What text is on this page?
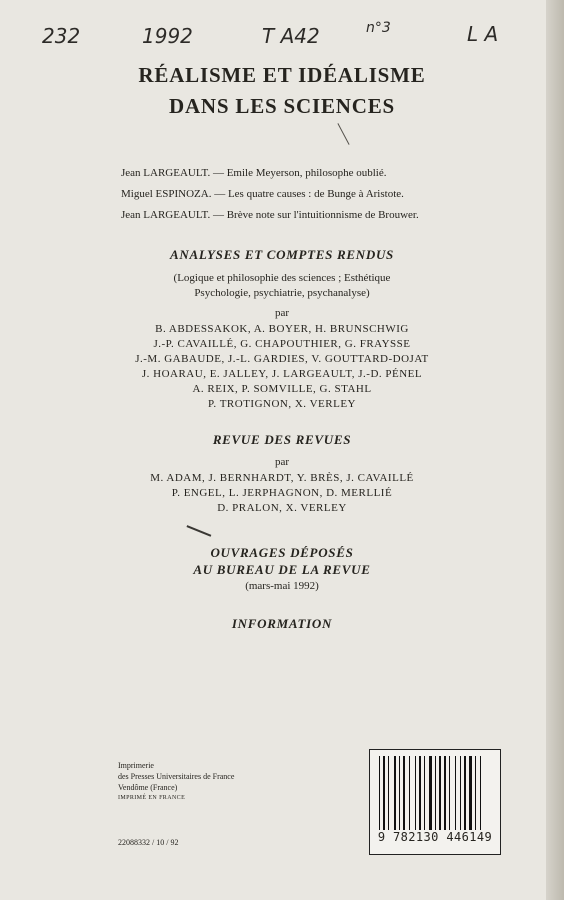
232	1992	T A42	n°3	L A
RÉALISME ET IDÉALISME
DANS LES SCIENCES
Jean LARGEAULT. — Emile Meyerson, philosophe oublié.
Miguel ESPINOZA. — Les quatre causes : de Bunge à Aristote.
Jean LARGEAULT. — Brève note sur l'intuitionnisme de Brouwer.
ANALYSES ET COMPTES RENDUS
(Logique et philosophie des sciences ; Esthétique
Psychologie, psychiatrie, psychanalyse)
par
B. ABDESSAKOK, A. BOYER, H. BRUNSCHWIG
J.-P. CAVAILLÉ, G. CHAPOUTHIER, G. FRAYSSE
J.-M. GABAUDE, J.-L. GARDIES, V. GOUTTARD-DOJAT
J. HOARAU, E. JALLEY, J. LARGEAULT, J.-D. PÉNEL
A. REIX, P. SOMVILLE, G. STAHL
P. TROTIGNON, X. VERLEY
REVUE DES REVUES
par
M. ADAM, J. BERNHARDT, Y. BRÈS, J. CAVAILLÉ
P. ENGEL, L. JERPHAGNON, D. MERLLIÉ
D. PRALON, X. VERLEY
OUVRAGES DÉPOSÉS
AU BUREAU DE LA REVUE
(mars-mai 1992)
INFORMATION
Imprimerie
des Presses Universitaires de France
Vendôme (France)
IMPRIMÉ EN FRANCE
22088332 / 10 / 92	9 782130 446149
